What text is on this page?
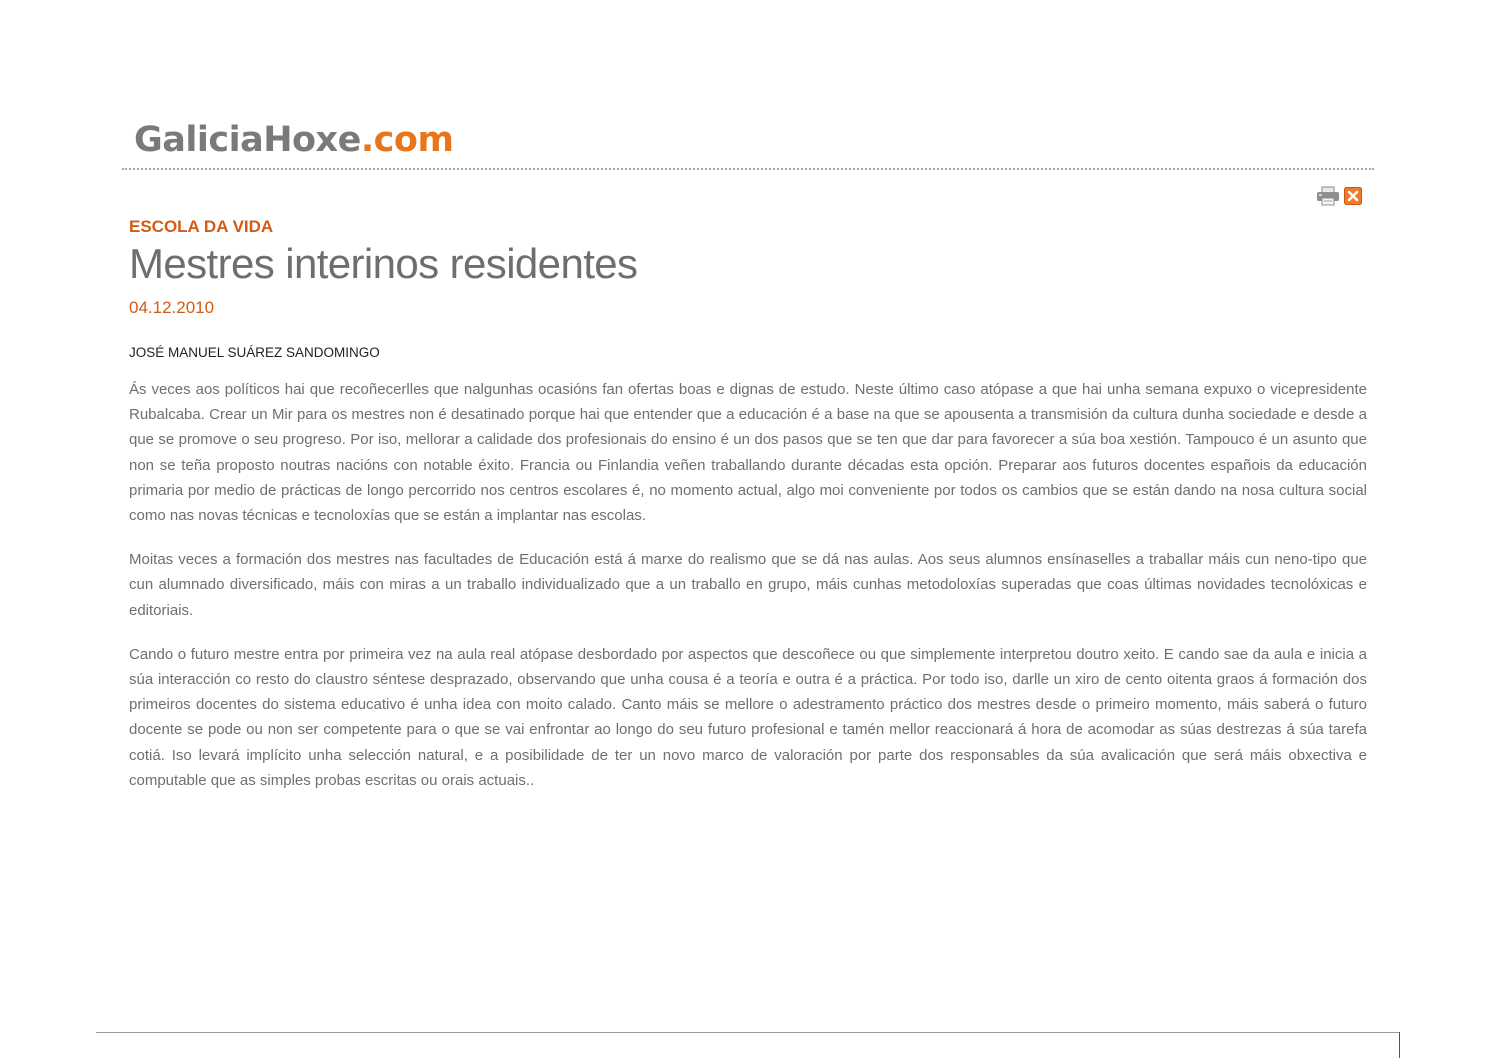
GaliciaHoxe.com
ESCOLA DA VIDA
Mestres interinos residentes
04.12.2010
JOSÉ MANUEL SUÁREZ SANDOMINGO

Ás veces aos políticos hai que recoñecerlles que nalgunhas ocasións fan ofertas boas e dignas de estudo. Neste último caso atópase a que hai unha semana expuxo o vicepresidente Rubalcaba. Crear un Mir para os mestres non é desatinado porque hai que entender que a educación é a base na que se apousenta a transmisión da cultura dunha sociedade e desde a que se promove o seu progreso. Por iso, mellorar a calidade dos profesionais do ensino é un dos pasos que se ten que dar para favorecer a súa boa xestión. Tampouco é un asunto que non se teña proposto noutras nacións con notable éxito. Francia ou Finlandia veñen traballando durante décadas esta opción. Preparar aos futuros docentes españois da educación primaria por medio de prácticas de longo percorrido nos centros escolares é, no momento actual, algo moi conveniente por todos os cambios que se están dando na nosa cultura social como nas novas técnicas e tecnoloxías que se están a implantar nas escolas.

Moitas veces a formación dos mestres nas facultades de Educación está á marxe do realismo que se dá nas aulas. Aos seus alumnos ensínaselles a traballar máis cun neno-tipo que cun alumnado diversificado, máis con miras a un traballo individualizado que a un traballo en grupo, máis cunhas metodoloxías superadas que coas últimas novidades tecnolóxicas e editoriais.

Cando o futuro mestre entra por primeira vez na aula real atópase desbordado por aspectos que descoñece ou que simplemente interpretou doutro xeito. E cando sae da aula e inicia a súa interacción co resto do claustro séntese desprazado, observando que unha cousa é a teoría e outra é a práctica. Por todo iso, darlle un xiro de cento oitenta graos á formación dos primeiros docentes do sistema educativo é unha idea con moito calado. Canto máis se mellore o adestramento práctico dos mestres desde o primeiro momento, máis saberá o futuro docente se pode ou non ser competente para o que se vai enfrontar ao longo do seu futuro profesional e tamén mellor reaccionará á hora de acomodar as súas destrezas á súa tarefa cotiá. Iso levará implícito unha selección natural, e a posibilidade de ter un novo marco de valoración por parte dos responsables da súa avalicación que será máis obxectiva e computable que as simples probas escritas ou orais actuais..
